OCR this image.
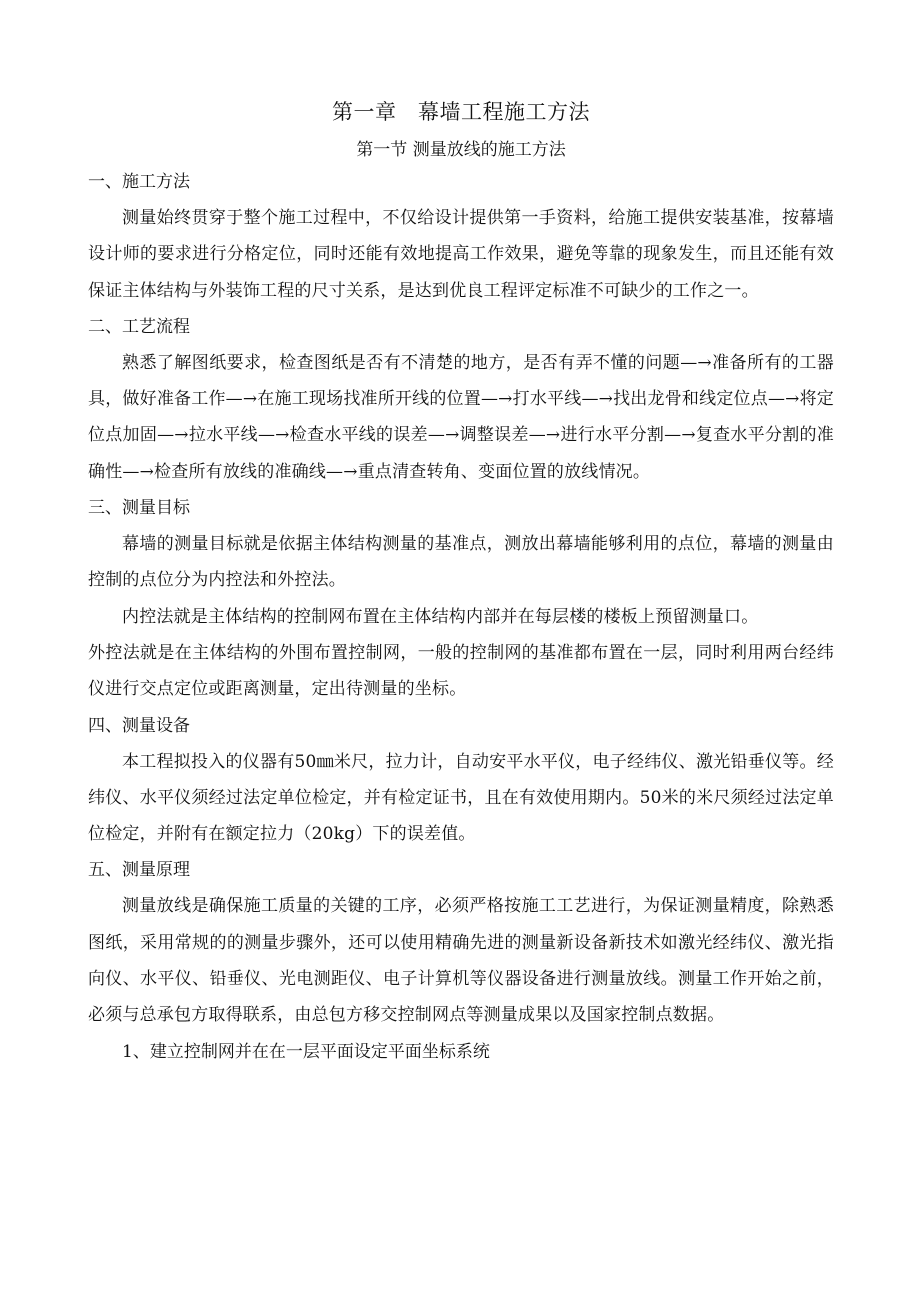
第一章　幕墙工程施工方法
第一节 测量放线的施工方法

一、施工方法

测量始终贯穿于整个施工过程中，不仅给设计提供第一手资料，给施工提供安装基准，按幕墙设计师的要求进行分格定位，同时还能有效地提高工作效果，避免等靠的现象发生，而且还能有效保证主体结构与外装饰工程的尺寸关系，是达到优良工程评定标准不可缺少的工作之一。

二、工艺流程

熟悉了解图纸要求，检查图纸是否有不清楚的地方，是否有弄不懂的问题—→准备所有的工器具，做好准备工作—→在施工现场找准所开线的位置—→打水平线—→找出龙骨和线定位点—→将定位点加固—→拉水平线—→检查水平线的误差—→调整误差—→进行水平分割—→复查水平分割的准确性—→检查所有放线的准确线—→重点清查转角、变面位置的放线情况。

三、测量目标

幕墙的测量目标就是依据主体结构测量的基准点，测放出幕墙能够利用的点位，幕墙的测量由控制的点位分为内控法和外控法。

内控法就是主体结构的控制网布置在主体结构内部并在每层楼的楼板上预留测量口。

外控法就是在主体结构的外围布置控制网，一般的控制网的基准都布置在一层，同时利用两台经纬仪进行交点定位或距离测量，定出待测量的坐标。

四、测量设备

本工程拟投入的仪器有50㎜米尺，拉力计，自动安平水平仪，电子经纬仪、激光铅垂仪等。经纬仪、水平仪须经过法定单位检定，并有检定证书，且在有效使用期内。50米的米尺须经过法定单位检定，并附有在额定拉力（20kg）下的误差值。

五、测量原理

测量放线是确保施工质量的关键的工序，必须严格按施工工艺进行，为保证测量精度，除熟悉图纸，采用常规的的测量步骤外，还可以使用精确先进的测量新设备新技术如激光经纬仪、激光指向仪、水平仪、铅垂仪、光电测距仪、电子计算机等仪器设备进行测量放线。测量工作开始之前，必须与总承包方取得联系，由总包方移交控制网点等测量成果以及国家控制点数据。

1、建立控制网并在在一层平面设定平面坐标系统
